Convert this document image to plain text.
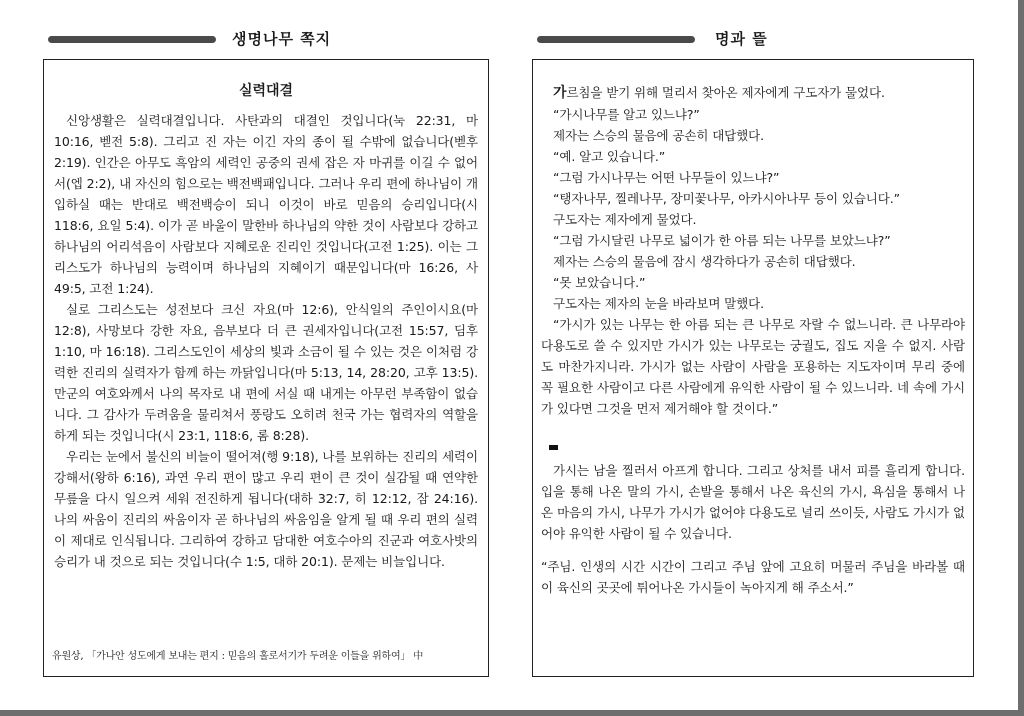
생명나무 쪽지	명과 뜰
실력대결

신앙생활은 실력대결입니다. 사탄과의 대결인 것입니다(눅 22:31, 마 10:16, 벧전 5:8). 그리고 진 자는 이긴 자의 종이 될 수밖에 없습니다(벧후 2:19). 인간은 아무도 흑암의 세력인 공중의 권세 잡은 자 마귀를 이길 수 없어서(엡 2:2), 내 자신의 힘으로는 백전백패입니다. 그러나 우리 편에 하나님이 개입하실 때는 반대로 백전백승이 되니 이것이 바로 믿음의 승리입니다(시 118:6, 요일 5:4). 이가 곧 바울이 말한바 하나님의 약한 것이 사람보다 강하고 하나님의 어리석음이 사람보다 지혜로운 진리인 것입니다(고전 1:25). 이는 그리스도가 하나님의 능력이며 하나님의 지혜이기 때문입니다(마 16:26, 사 49:5, 고전 1:24).

실로 그리스도는 성전보다 크신 자요(마 12:6), 안식일의 주인이시요(마 12:8), 사망보다 강한 자요, 음부보다 더 큰 권세자입니다(고전 15:57, 딤후 1:10, 마 16:18). 그리스도인이 세상의 빛과 소금이 될 수 있는 것은 이처럼 강력한 진리의 실력자가 함께 하는 까닭입니다(마 5:13, 14, 28:20, 고후 13:5). 만군의 여호와께서 나의 목자로 내 편에 서실 때 내게는 아무런 부족함이 없습니다. 그 감사가 두려움을 물리쳐서 풍랑도 오히려 천국 가는 협력자의 역할을 하게 되는 것입니다(시 23:1, 118:6, 롬 8:28).

우리는 눈에서 불신의 비늘이 떨어져(행 9:18), 나를 보위하는 진리의 세력이 강해서(왕하 6:16), 과연 우리 편이 많고 우리 편이 큰 것이 실감될 때 연약한 무릎을 다시 일으켜 세워 전진하게 됩니다(대하 32:7, 히 12:12, 잠 24:16). 나의 싸움이 진리의 싸움이자 곧 하나님의 싸움임을 알게 될 때 우리 편의 실력이 제대로 인식됩니다. 그리하여 강하고 담대한 여호수아의 진군과 여호사밧의 승리가 내 것으로 되는 것입니다(수 1:5, 대하 20:1). 문제는 비늘입니다.

유원상, 「가나안 성도에게 보내는 편지 : 믿음의 홀로서기가 두려운 이들을 위하여」 中

가르침을 받기 위해 멀리서 찾아온 제자에게 구도자가 물었다.

“가시나무를 알고 있느냐?”

제자는 스승의 물음에 공손히 대답했다.

“예. 알고 있습니다.”

“그럼 가시나무는 어떤 나무들이 있느냐?”

“탱자나무, 찔레나무, 장미꽃나무, 아카시아나무 등이 있습니다.”

구도자는 제자에게 물었다.

“그럼 가시달린 나무로 넓이가 한 아름 되는 나무를 보았느냐?”

제자는 스승의 물음에 잠시 생각하다가 공손히 대답했다.

“못 보았습니다.”

구도자는 제자의 눈을 바라보며 말했다.

“가시가 있는 나무는 한 아름 되는 큰 나무로 자랄 수 없느니라. 큰 나무라야 다용도로 쓸 수 있지만 가시가 있는 나무로는 궁궐도, 집도 지을 수 없지. 사람도 마찬가지니라. 가시가 없는 사람이 사람을 포용하는 지도자이며 무리 중에 꼭 필요한 사람이고 다른 사람에게 유익한 사람이 될 수 있느니라. 네 속에 가시가 있다면 그것을 먼저 제거해야 할 것이다.”

가시는 남을 찔러서 아프게 합니다. 그리고 상처를 내서 피를 흘리게 합니다. 입을 통해 나온 말의 가시, 손발을 통해서 나온 육신의 가시, 욕심을 통해서 나온 마음의 가시, 나무가 가시가 없어야 다용도로 널리 쓰이듯, 사람도 가시가 없어야 유익한 사람이 될 수 있습니다.

“주님. 인생의 시간 시간이 그리고 주님 앞에 고요히 머물러 주님을 바라볼 때 이 육신의 곳곳에 튀어나온 가시들이 녹아지게 해 주소서.”
